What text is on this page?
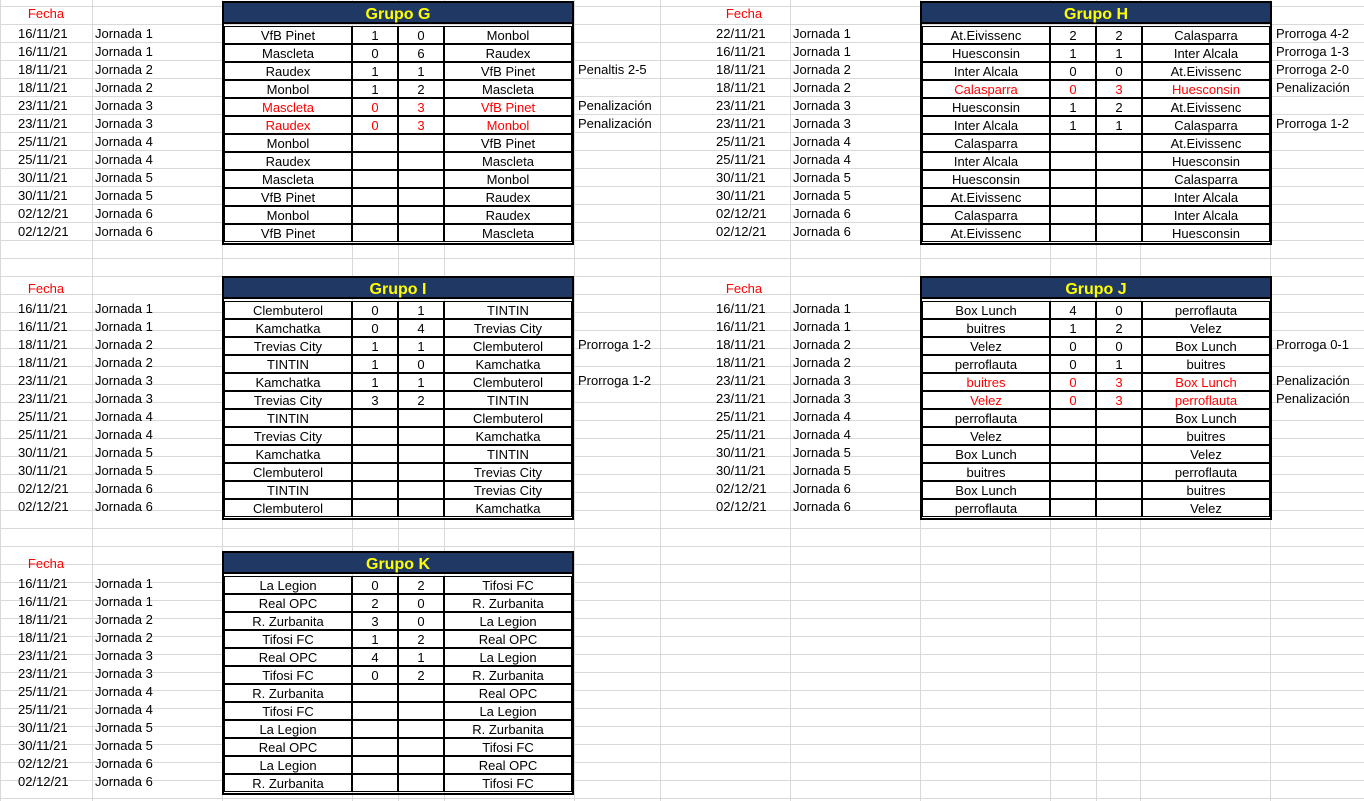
Fecha	Grupo G
16/11/21	Jornada 1	VfB Pinet	1	0	Monbol
16/11/21	Jornada 1	Mascleta	0	6	Raudex
18/11/21	Jornada 2	Raudex	1	1	VfB Pinet	Penaltis 2-5
18/11/21	Jornada 2	Monbol	1	2	Mascleta
23/11/21	Jornada 3	Mascleta	0	3	VfB Pinet	Penalización
23/11/21	Jornada 3	Raudex	0	3	Monbol	Penalización
25/11/21	Jornada 4	Monbol	VfB Pinet
25/11/21	Jornada 4	Raudex	Mascleta
30/11/21	Jornada 5	Mascleta	Monbol
30/11/21	Jornada 5	VfB Pinet	Raudex
02/12/21	Jornada 6	Monbol	Raudex
02/12/21	Jornada 6	VfB Pinet	Mascleta
Fecha	Grupo H
22/11/21	Jornada 1	At.Eivissenc	2	2	Calasparra	Prorroga 4-2
16/11/21	Jornada 1	Huesconsin	1	1	Inter Alcala	Prorroga 1-3
18/11/21	Jornada 2	Inter Alcala	0	0	At.Eivissenc	Prorroga 2-0
18/11/21	Jornada 2	Calasparra	0	3	Huesconsin	Penalización
23/11/21	Jornada 3	Huesconsin	1	2	At.Eivissenc
23/11/21	Jornada 3	Inter Alcala	1	1	Calasparra	Prorroga 1-2
25/11/21	Jornada 4	Calasparra	At.Eivissenc
25/11/21	Jornada 4	Inter Alcala	Huesconsin
30/11/21	Jornada 5	Huesconsin	Calasparra
30/11/21	Jornada 5	At.Eivissenc	Inter Alcala
02/12/21	Jornada 6	Calasparra	Inter Alcala
02/12/21	Jornada 6	At.Eivissenc	Huesconsin
Fecha	Grupo I
16/11/21	Jornada 1	Clembuterol	0	1	TINTIN
16/11/21	Jornada 1	Kamchatka	0	4	Trevias City
18/11/21	Jornada 2	Trevias City	1	1	Clembuterol	Prorroga 1-2
18/11/21	Jornada 2	TINTIN	1	0	Kamchatka
23/11/21	Jornada 3	Kamchatka	1	1	Clembuterol	Prorroga 1-2
23/11/21	Jornada 3	Trevias City	3	2	TINTIN
25/11/21	Jornada 4	TINTIN	Clembuterol
25/11/21	Jornada 4	Trevias City	Kamchatka
30/11/21	Jornada 5	Kamchatka	TINTIN
30/11/21	Jornada 5	Clembuterol	Trevias City
02/12/21	Jornada 6	TINTIN	Trevias City
02/12/21	Jornada 6	Clembuterol	Kamchatka
Fecha	Grupo J
16/11/21	Jornada 1	Box Lunch	4	0	perroflauta
16/11/21	Jornada 1	buitres	1	2	Velez
18/11/21	Jornada 2	Velez	0	0	Box Lunch	Prorroga 0-1
18/11/21	Jornada 2	perroflauta	0	1	buitres
23/11/21	Jornada 3	buitres	0	3	Box Lunch	Penalización
23/11/21	Jornada 3	Velez	0	3	perroflauta	Penalización
25/11/21	Jornada 4	perroflauta	Box Lunch
25/11/21	Jornada 4	Velez	buitres
30/11/21	Jornada 5	Box Lunch	Velez
30/11/21	Jornada 5	buitres	perroflauta
02/12/21	Jornada 6	Box Lunch	buitres
02/12/21	Jornada 6	perroflauta	Velez
Fecha	Grupo K
16/11/21	Jornada 1	La Legion	0	2	Tifosi FC
16/11/21	Jornada 1	Real OPC	2	0	R. Zurbanita
18/11/21	Jornada 2	R. Zurbanita	3	0	La Legion
18/11/21	Jornada 2	Tifosi FC	1	2	Real OPC
23/11/21	Jornada 3	Real OPC	4	1	La Legion
23/11/21	Jornada 3	Tifosi FC	0	2	R. Zurbanita
25/11/21	Jornada 4	R. Zurbanita	Real OPC
25/11/21	Jornada 4	Tifosi FC	La Legion
30/11/21	Jornada 5	La Legion	R. Zurbanita
30/11/21	Jornada 5	Real OPC	Tifosi FC
02/12/21	Jornada 6	La Legion	Real OPC
02/12/21	Jornada 6	R. Zurbanita	Tifosi FC
